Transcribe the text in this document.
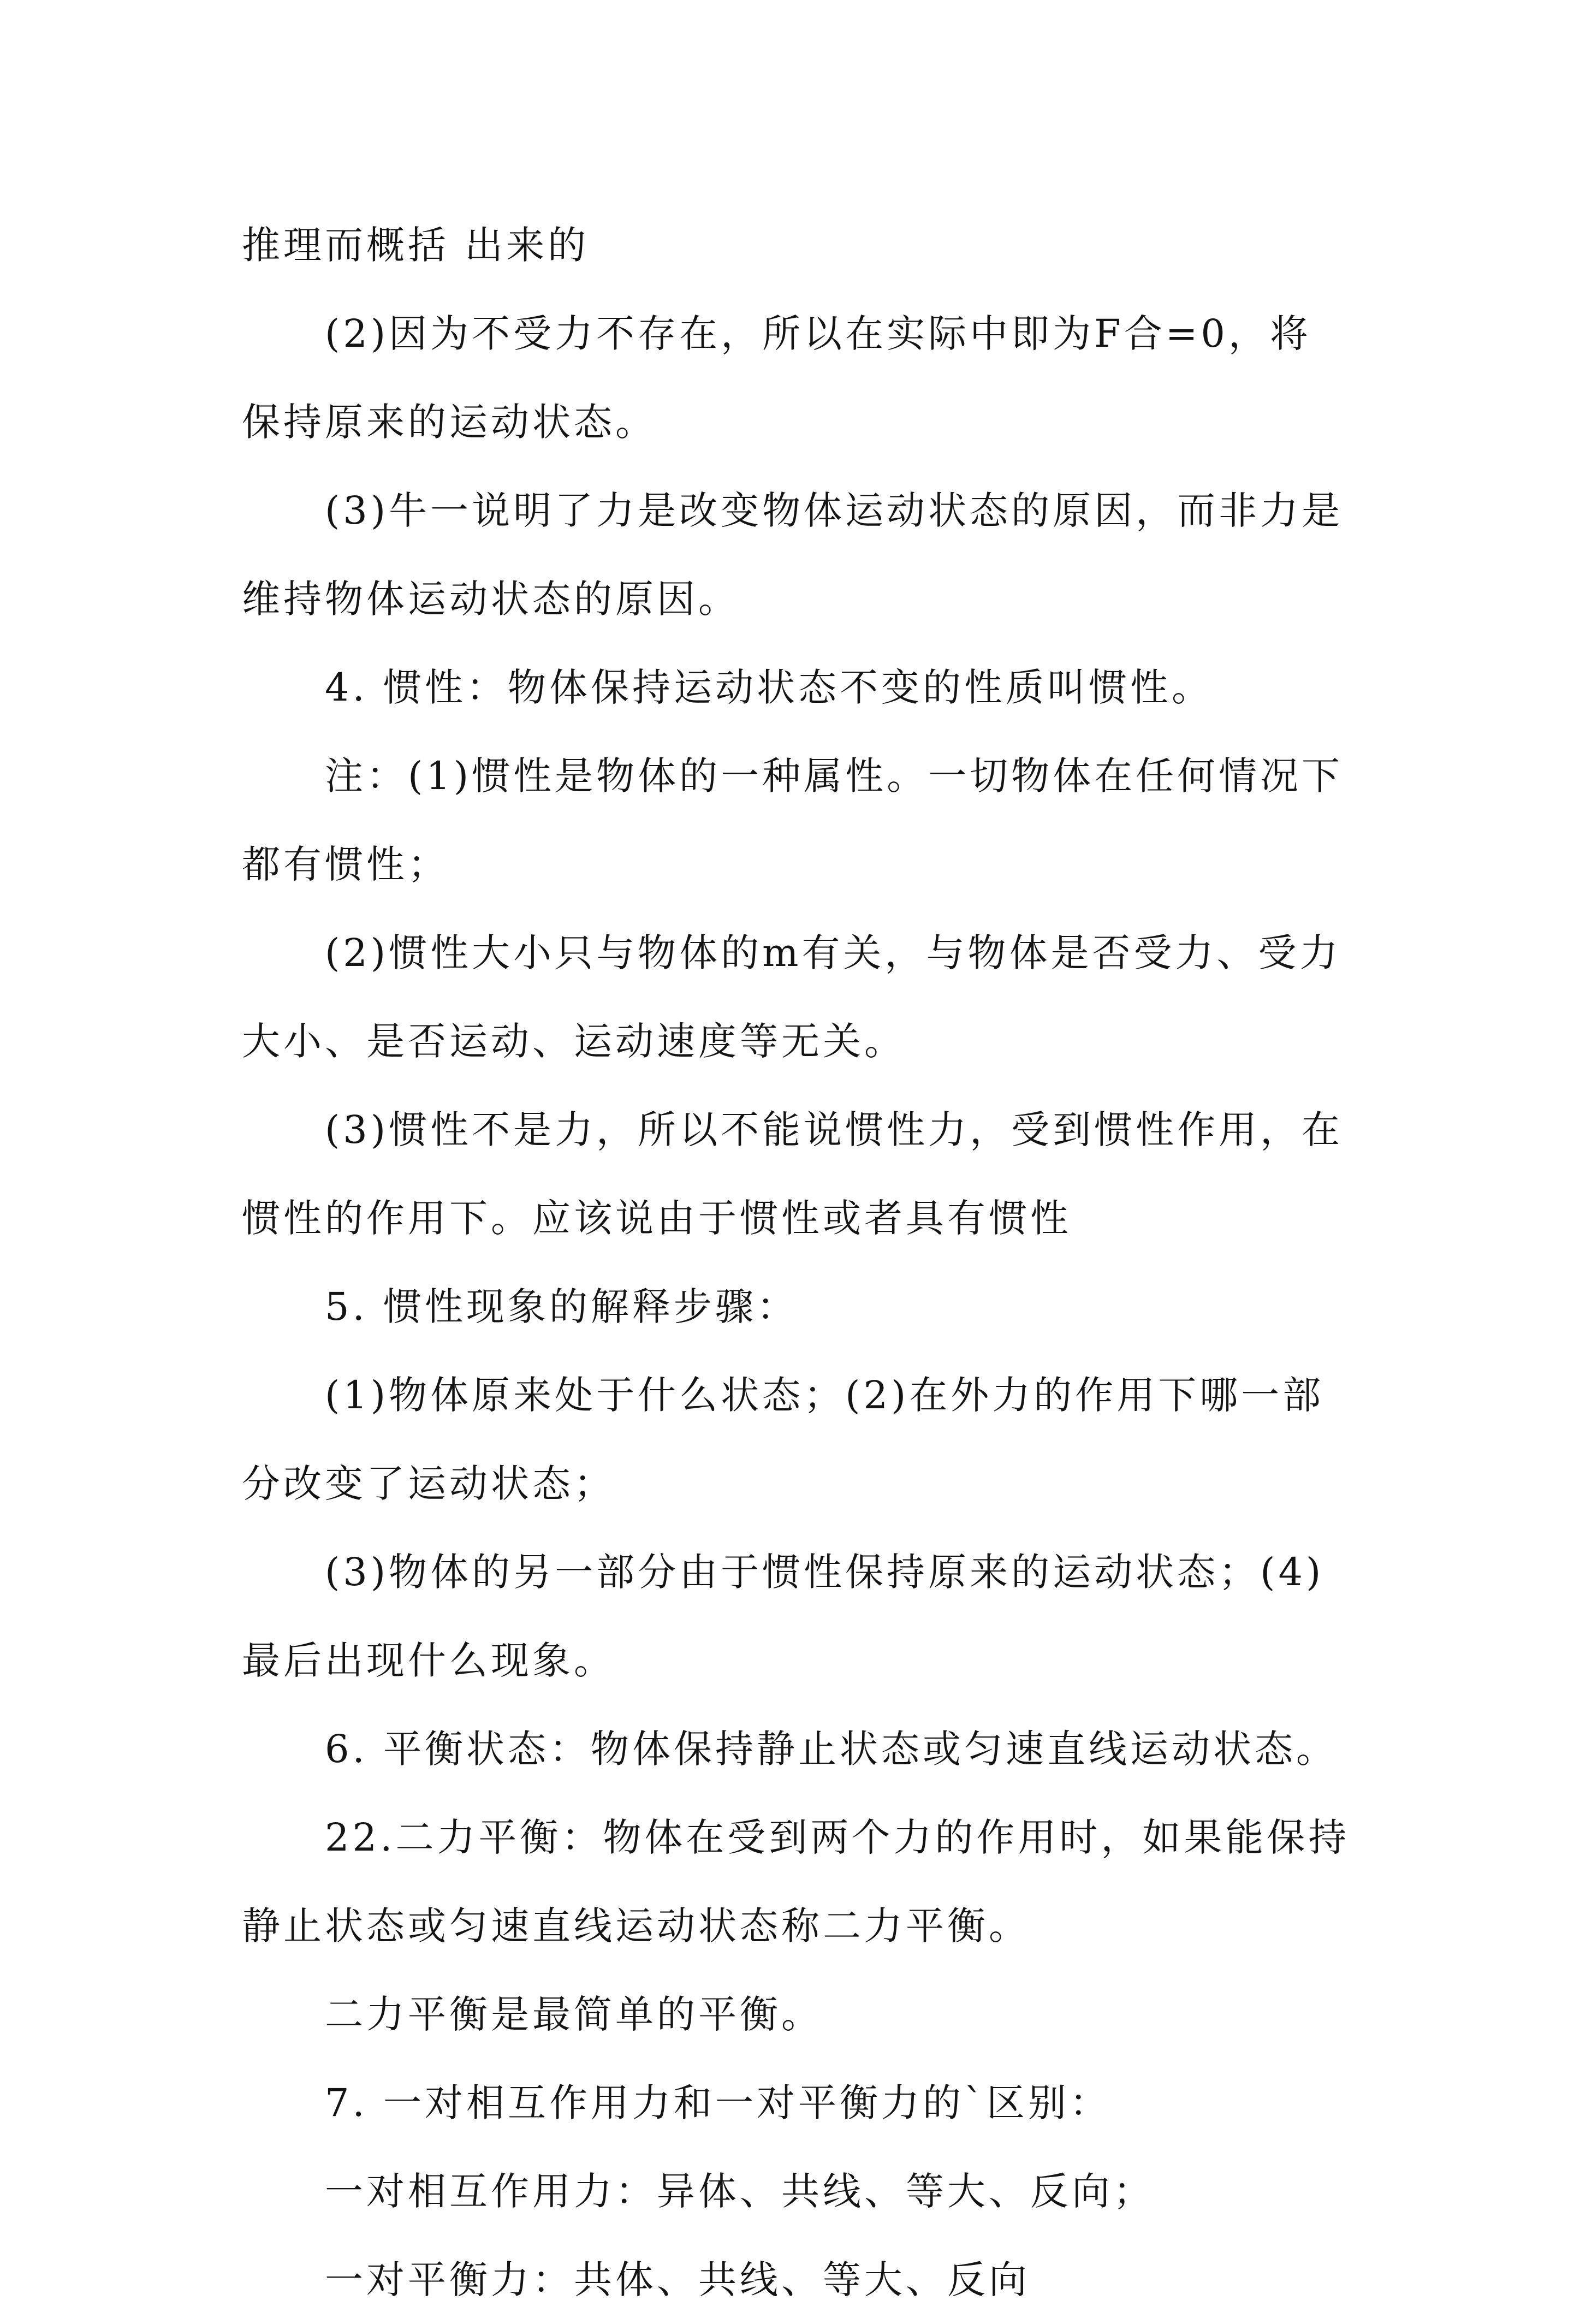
推理而概括 出来的

(2)因为不受力不存在，所以在实际中即为F合=0，将保持原来的运动状态。

(3)牛一说明了力是改变物体运动状态的原因，而非力是维持物体运动状态的原因。

4. 惯性：物体保持运动状态不变的性质叫惯性。

注：(1)惯性是物体的一种属性。一切物体在任何情况下都有惯性；

(2)惯性大小只与物体的m有关，与物体是否受力、受力大小、是否运动、运动速度等无关。

(3)惯性不是力，所以不能说惯性力，受到惯性作用，在惯性的作用下。应该说由于惯性或者具有惯性

5. 惯性现象的解释步骤：

(1)物体原来处于什么状态；(2)在外力的作用下哪一部分改变了运动状态；

(3)物体的另一部分由于惯性保持原来的运动状态；(4)最后出现什么现象。

6. 平衡状态：物体保持静止状态或匀速直线运动状态。

22.二力平衡：物体在受到两个力的作用时，如果能保持静止状态或匀速直线运动状态称二力平衡。

二力平衡是最简单的平衡。

7. 一对相互作用力和一对平衡力的`区别：

一对相互作用力：异体、共线、等大、反向；

一对平衡力：共体、共线、等大、反向
